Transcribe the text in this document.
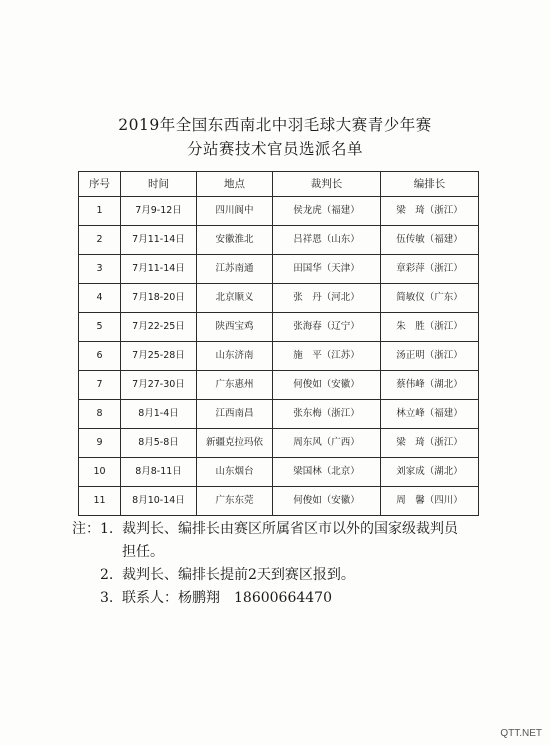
2019年全国东西南北中羽毛球大赛青少年赛
分站赛技术官员选派名单
序号	时间	地点	裁判长	编排长
1	7月9-12日	四川阆中	侯龙虎（福建）	梁　琦（浙江）
2	7月11-14日	安徽淮北	吕祥恩（山东）	伍传敏（福建）
3	7月11-14日	江苏南通	田国华（天津）	章彩萍（浙江）
4	7月18-20日	北京顺义	张　丹（河北）	简敏仪（广东）
5	7月22-25日	陕西宝鸡	张海春（辽宁）	朱　胜（浙江）
6	7月25-28日	山东济南	施　平（江苏）	汤正明（浙江）
7	7月27-30日	广东惠州	何俊如（安徽）	蔡伟峰（湖北）
8	8月1-4日	江西南昌	张东梅（浙江）	林立峰（福建）
9	8月5-8日	新疆克拉玛依	周东风（广西）	梁　琦（浙江）
10	8月8-11日	山东烟台	梁国林（北京）	刘家成（湖北）
11	8月10-14日	广东东莞	何俊如（安徽）	周　馨（四川）
注： 1. 裁判长、编排长由赛区所属省区市以外的国家级裁判员
担任。
2. 裁判长、编排长提前2天到赛区报到。
3. 联系人：杨鹏翔 18600664470
QTT.NET
